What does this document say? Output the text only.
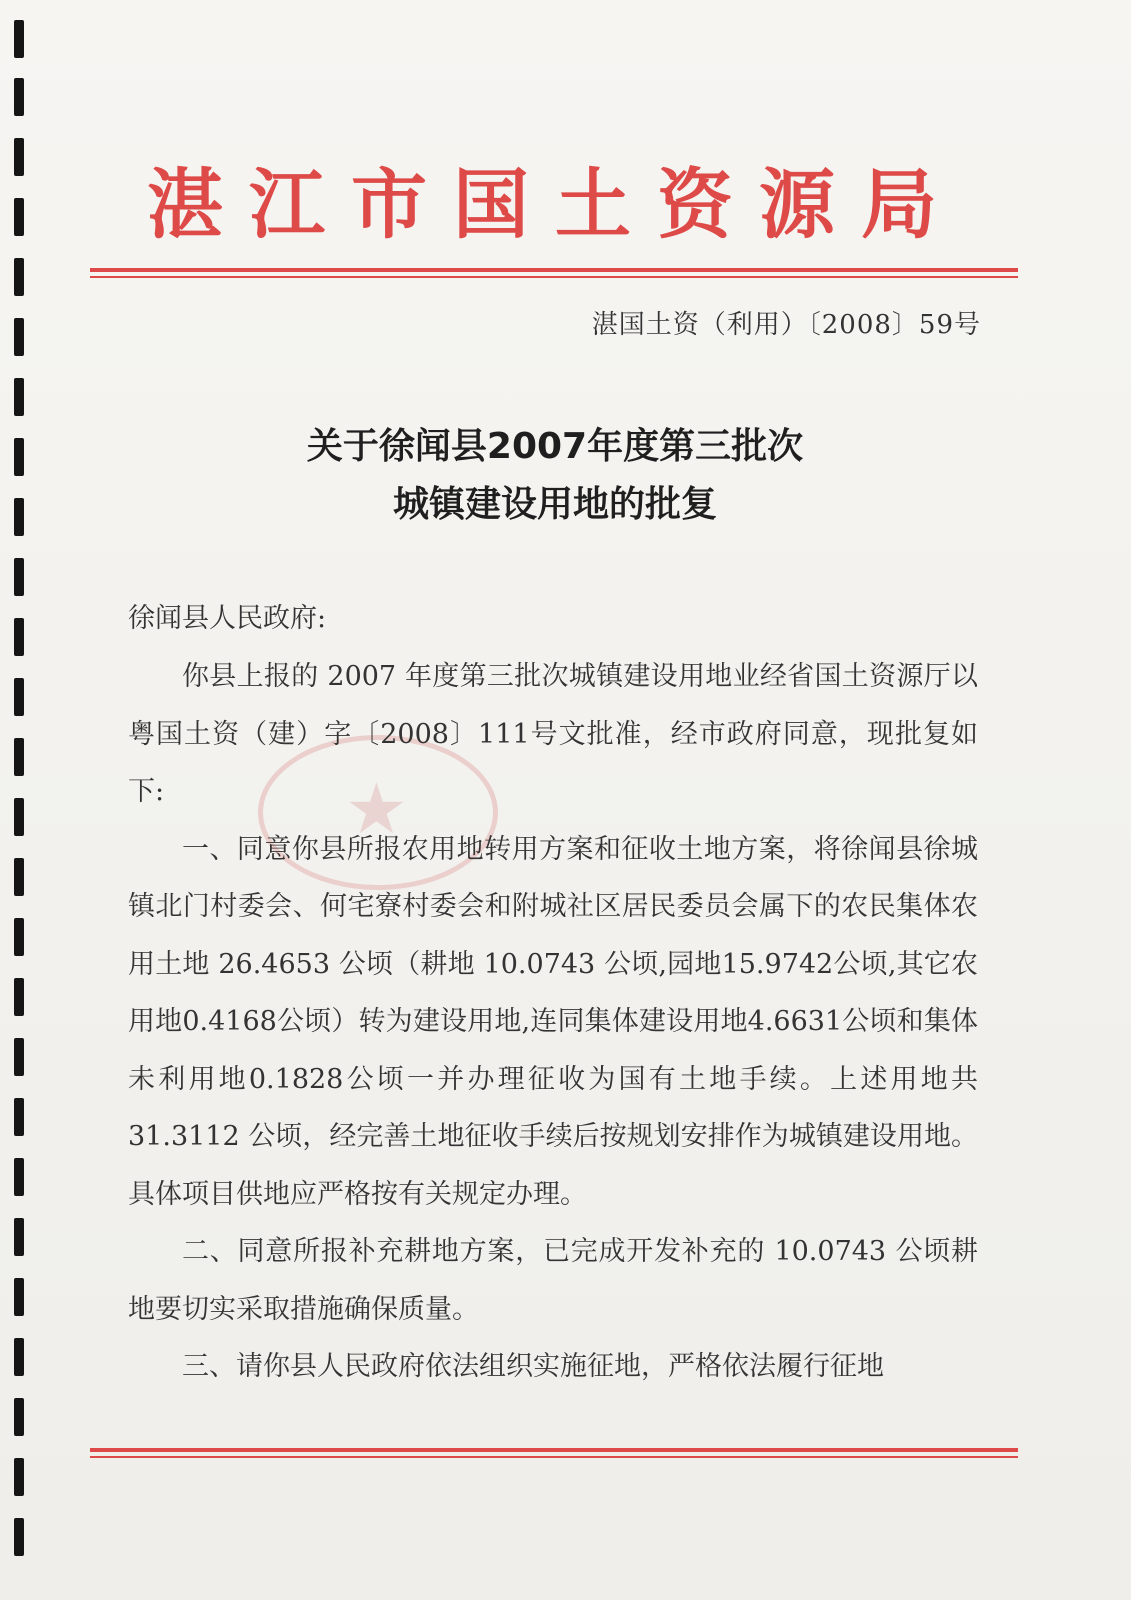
湛江市国土资源局
湛国土资（利用）〔2008〕59号
关于徐闻县2007年度第三批次
城镇建设用地的批复
徐闻县人民政府:
★

你县上报的 2007 年度第三批次城镇建设用地业经省国土资源厅以粤国土资（建）字〔2008〕111号文批准，经市政府同意，现批复如下:

一、同意你县所报农用地转用方案和征收土地方案，将徐闻县徐城镇北门村委会、何宅寮村委会和附城社区居民委员会属下的农民集体农用土地 26.4653 公顷（耕地 10.0743 公顷,园地15.9742公顷,其它农用地0.4168公顷）转为建设用地,连同集体建设用地4.6631公顷和集体未利用地0.1828公顷一并办理征收为国有土地手续。上述用地共 31.3112 公顷，经完善土地征收手续后按规划安排作为城镇建设用地。具体项目供地应严格按有关规定办理。

二、同意所报补充耕地方案，已完成开发补充的 10.0743 公顷耕地要切实采取措施确保质量。

三、请你县人民政府依法组织实施征地，严格依法履行征地
